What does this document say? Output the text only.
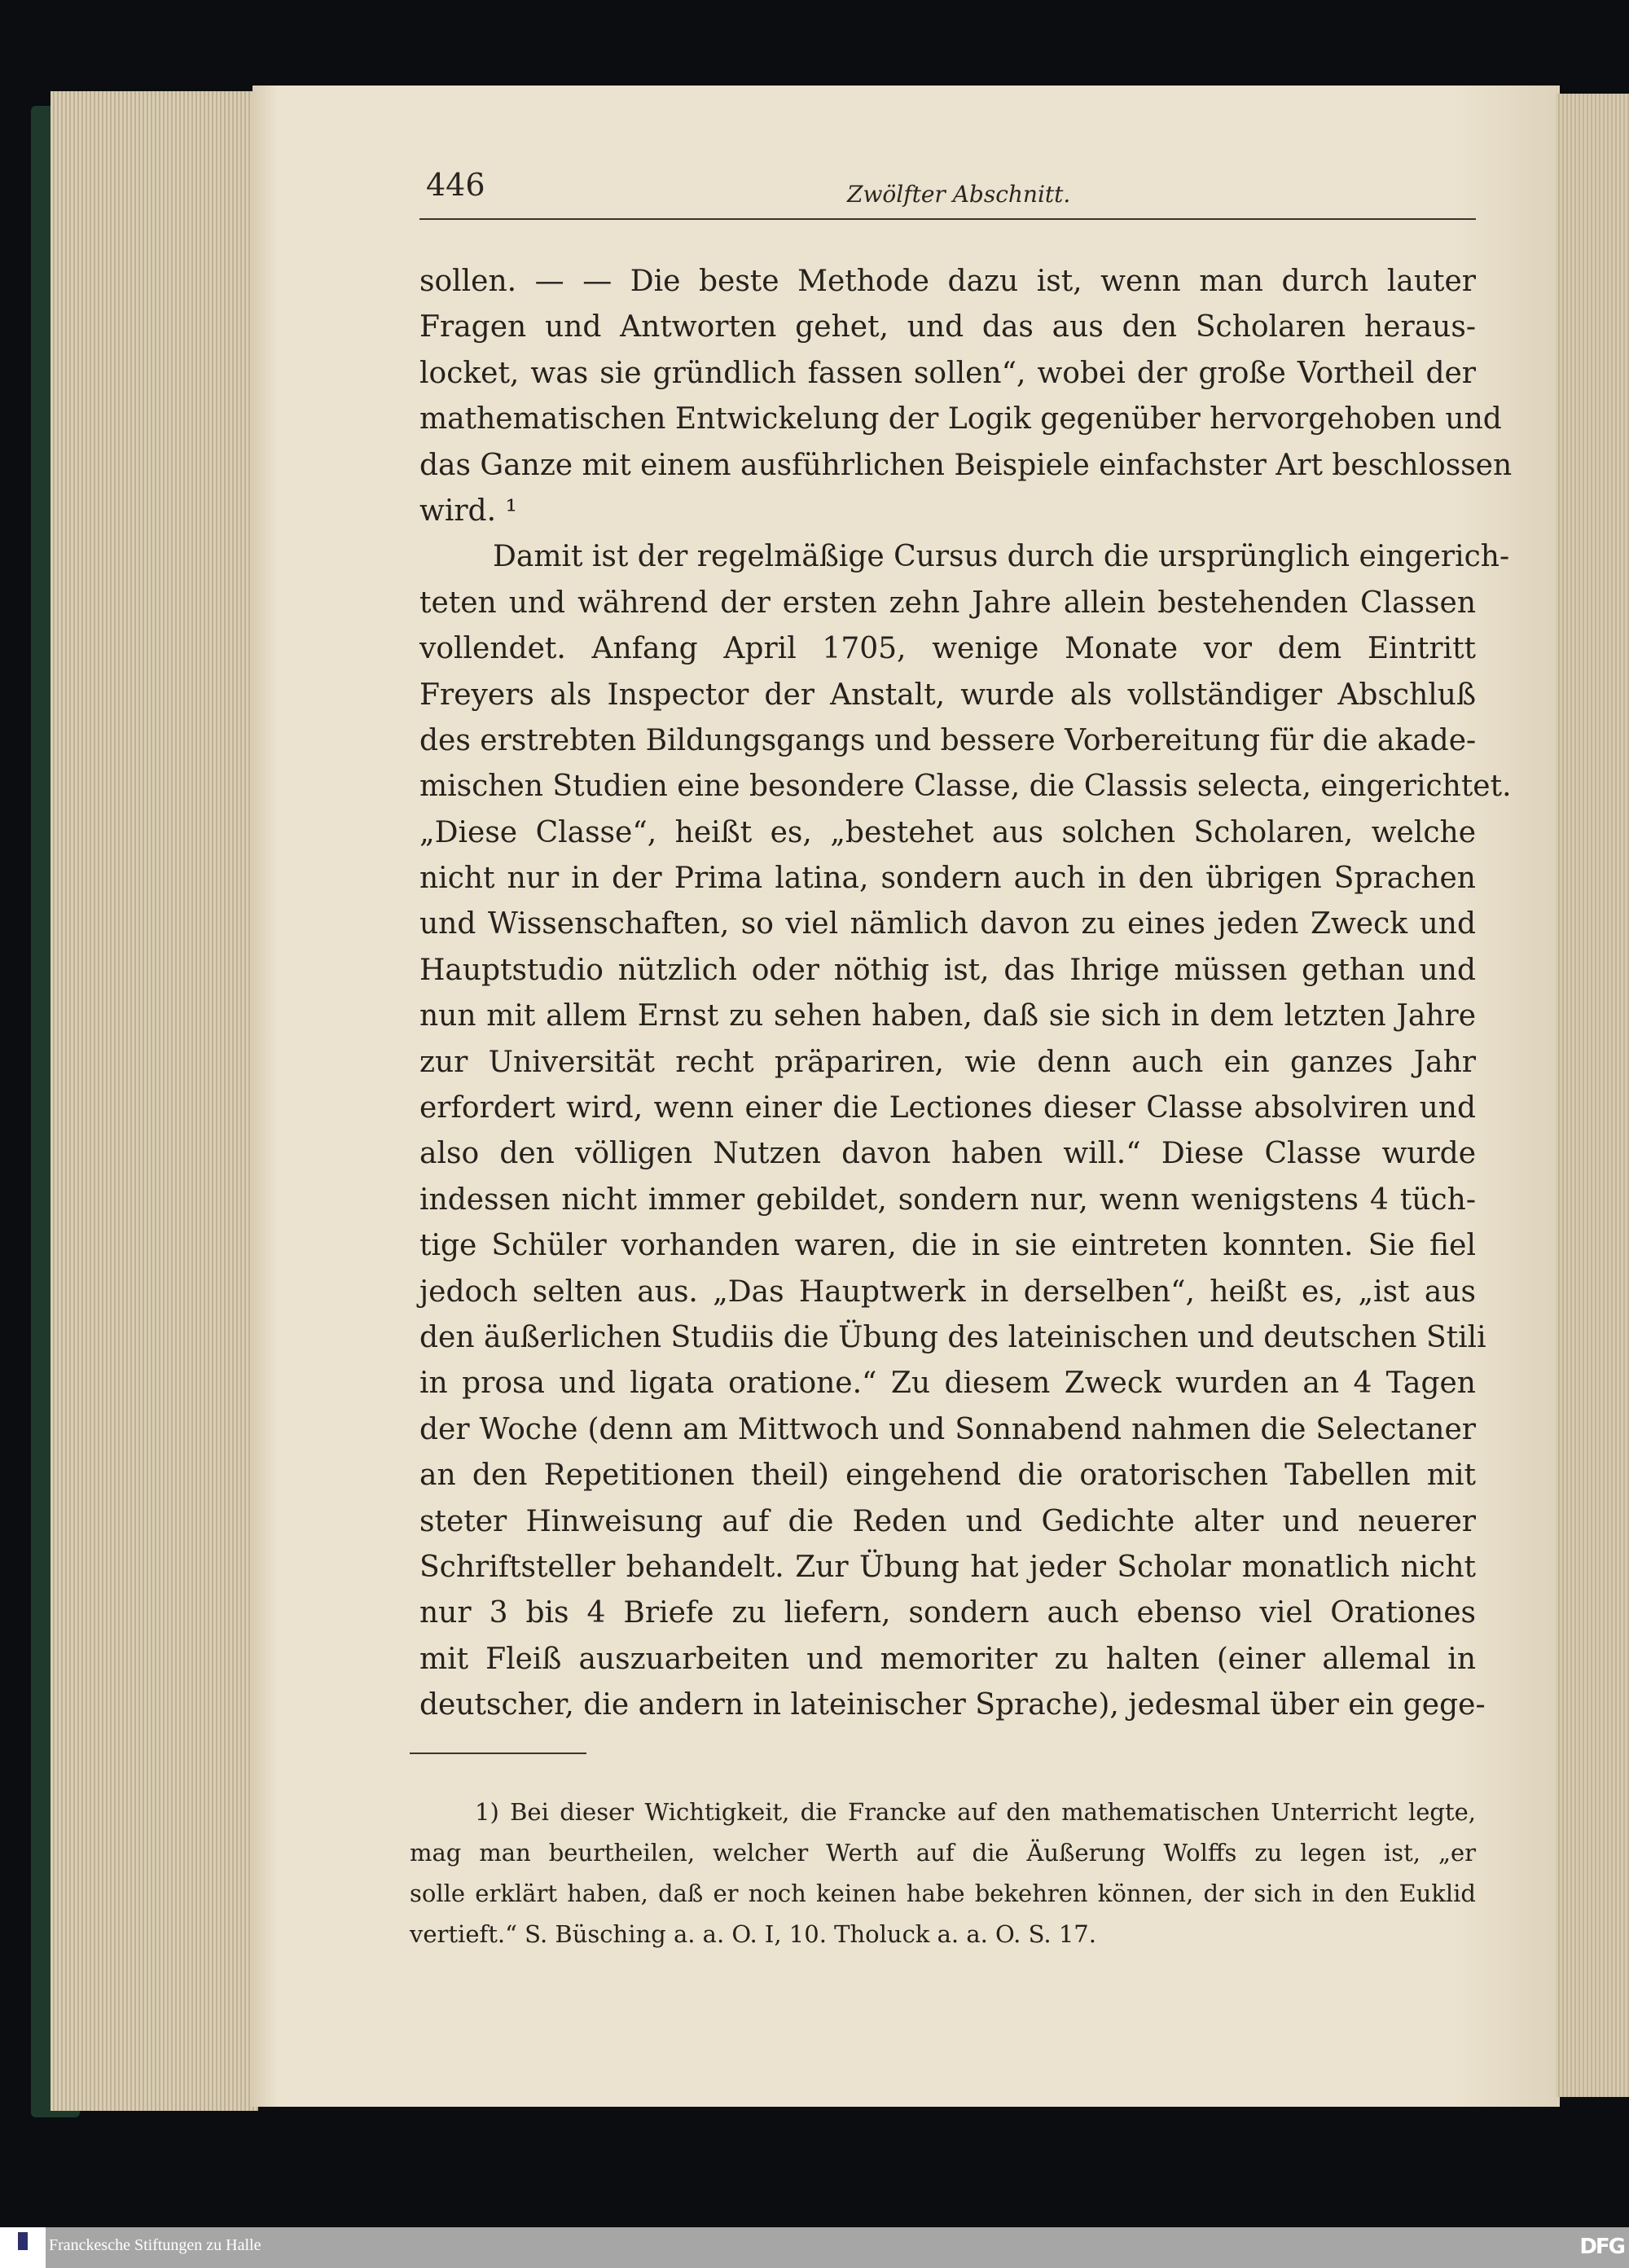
446	Zwölfter Abschnitt.
sollen. — — Die beste Methode dazu ist, wenn man durch lauter
Fragen und Antworten gehet, und das aus den Scholaren heraus-
locket, was sie gründlich fassen sollen“, wobei der große Vortheil der
mathematischen Entwickelung der Logik gegenüber hervorgehoben und
das Ganze mit einem ausführlichen Beispiele einfachster Art beschlossen
wird. ¹
Damit ist der regelmäßige Cursus durch die ursprünglich eingerich-
teten und während der ersten zehn Jahre allein bestehenden Classen
vollendet. Anfang April 1705, wenige Monate vor dem Eintritt
Freyers als Inspector der Anstalt, wurde als vollständiger Abschluß
des erstrebten Bildungsgangs und bessere Vorbereitung für die akade-
mischen Studien eine besondere Classe, die Classis selecta, eingerichtet.
„Diese Classe“, heißt es, „bestehet aus solchen Scholaren, welche
nicht nur in der Prima latina, sondern auch in den übrigen Sprachen
und Wissenschaften, so viel nämlich davon zu eines jeden Zweck und
Hauptstudio nützlich oder nöthig ist, das Ihrige müssen gethan und
nun mit allem Ernst zu sehen haben, daß sie sich in dem letzten Jahre
zur Universität recht präpariren, wie denn auch ein ganzes Jahr
erfordert wird, wenn einer die Lectiones dieser Classe absolviren und
also den völligen Nutzen davon haben will.“ Diese Classe wurde
indessen nicht immer gebildet, sondern nur, wenn wenigstens 4 tüch-
tige Schüler vorhanden waren, die in sie eintreten konnten. Sie fiel
jedoch selten aus. „Das Hauptwerk in derselben“, heißt es, „ist aus
den äußerlichen Studiis die Übung des lateinischen und deutschen Stili
in prosa und ligata oratione.“ Zu diesem Zweck wurden an 4 Tagen
der Woche (denn am Mittwoch und Sonnabend nahmen die Selectaner
an den Repetitionen theil) eingehend die oratorischen Tabellen mit
steter Hinweisung auf die Reden und Gedichte alter und neuerer
Schriftsteller behandelt. Zur Übung hat jeder Scholar monatlich nicht
nur 3 bis 4 Briefe zu liefern, sondern auch ebenso viel Orationes
mit Fleiß auszuarbeiten und memoriter zu halten (einer allemal in
deutscher, die andern in lateinischer Sprache), jedesmal über ein gege-
1) Bei dieser Wichtigkeit, die Francke auf den mathematischen Unterricht legte,
mag man beurtheilen, welcher Werth auf die Äußerung Wolffs zu legen ist, „er
solle erklärt haben, daß er noch keinen habe bekehren können, der sich in den Euklid
vertieft.“ S. Büsching a. a. O. I, 10. Tholuck a. a. O. S. 17.
Franckesche Stiftungen zu Halle	DFG
